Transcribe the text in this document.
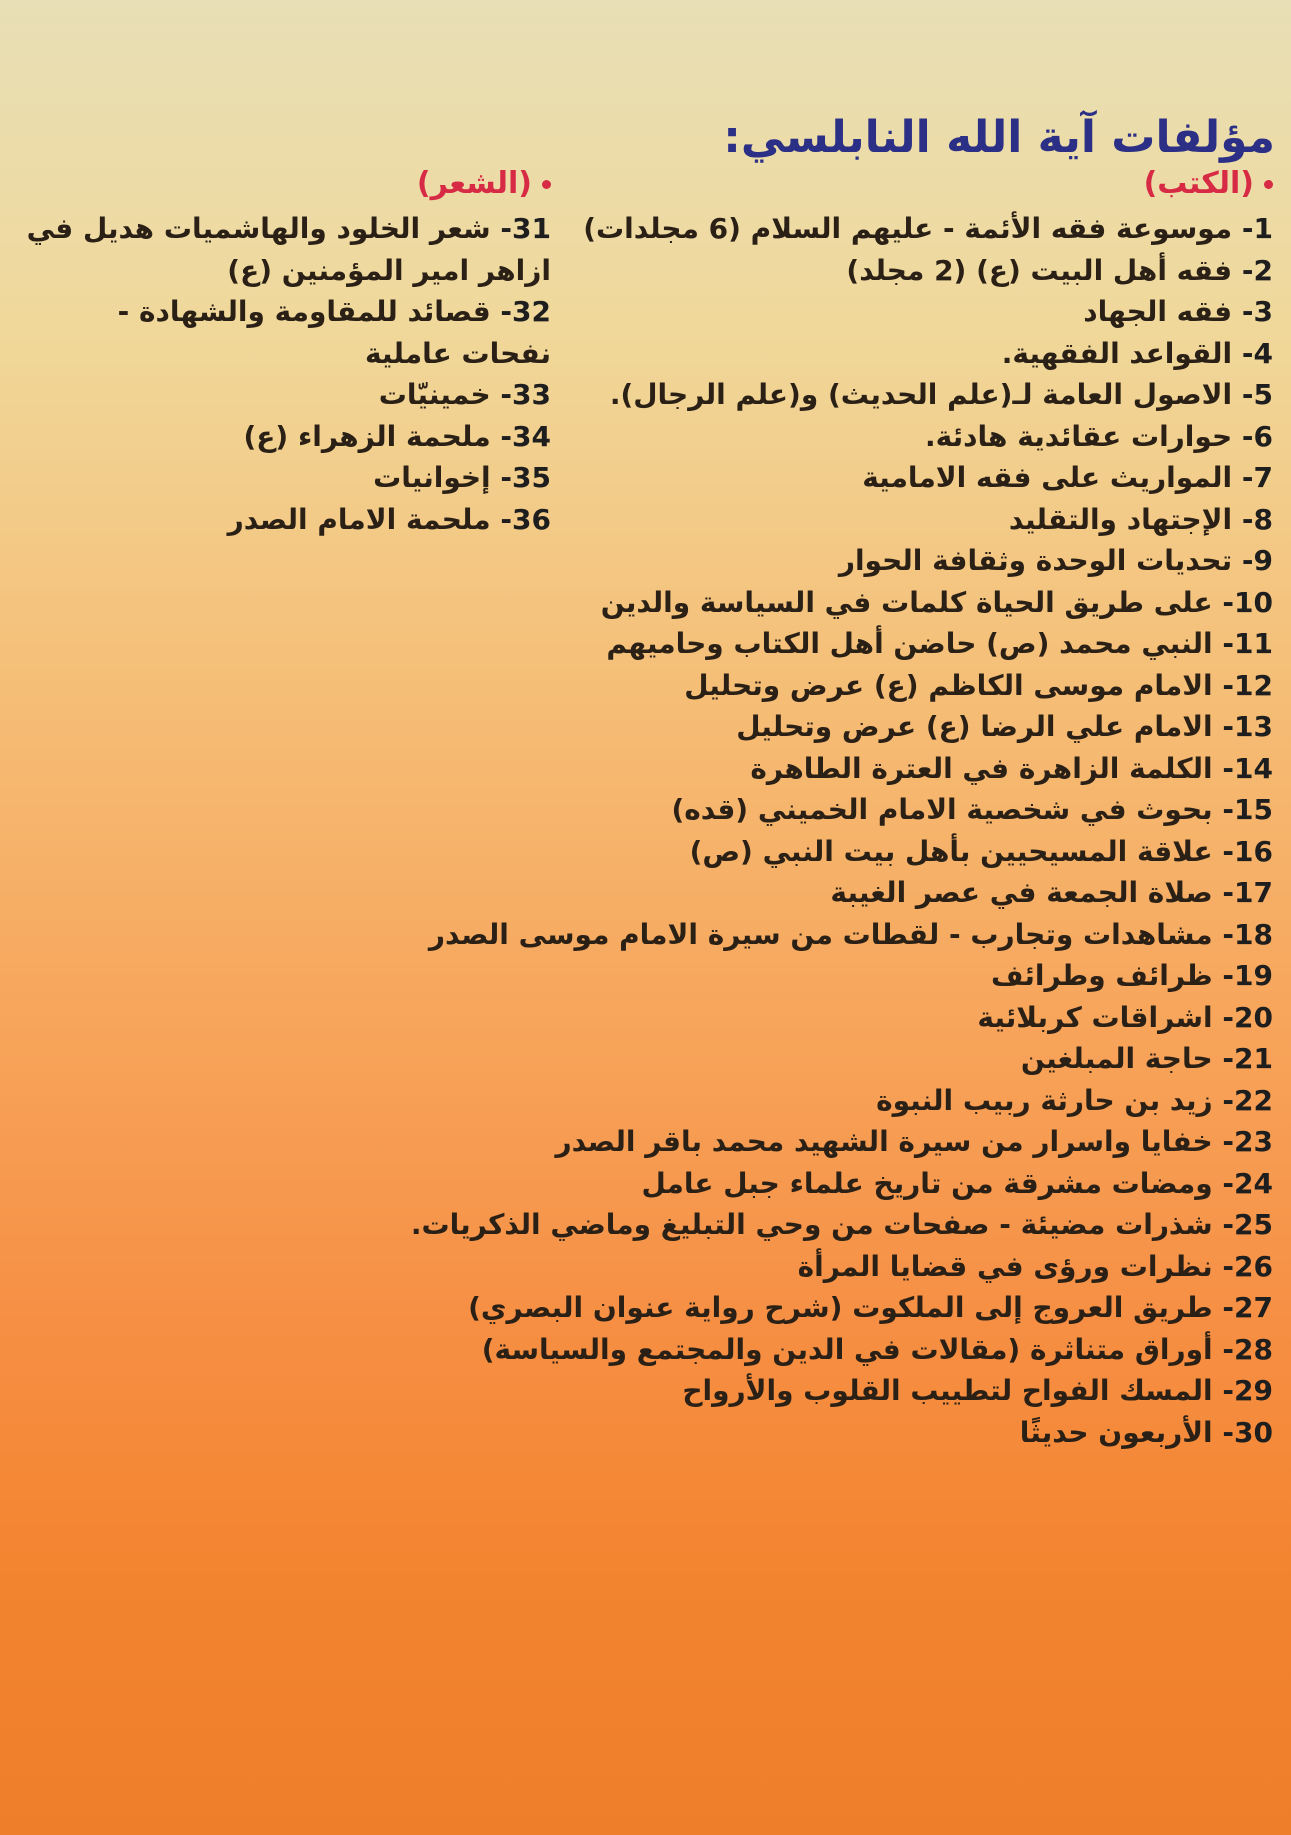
مؤلفات آية الله النابلسي:
(الكتب)
(الشعر)
1- موسوعة فقه الأئمة - عليهم السلام (6 مجلدات)
2- فقه أهل البيت (ع) (2 مجلد)
3- فقه الجهاد
4- القواعد الفقهية.
5- الاصول العامة لـ(علم الحديث) و(علم الرجال).
6- حوارات عقائدية هادئة.
7- المواريث على فقه الامامية
8- الإجتهاد والتقليد
9- تحديات الوحدة وثقافة الحوار
10- على طريق الحياة كلمات في السياسة والدين
11- النبي محمد (ص) حاضن أهل الكتاب وحاميهم
12- الامام موسى الكاظم (ع) عرض وتحليل
13- الامام علي الرضا (ع) عرض وتحليل
14- الكلمة الزاهرة في العترة الطاهرة
15- بحوث في شخصية الامام الخميني (قده)
16- علاقة المسيحيين بأهل بيت النبي (ص)
17- صلاة الجمعة في عصر الغيبة
18- مشاهدات وتجارب - لقطات من سيرة الامام موسى الصدر
19- ظرائف وطرائف
20- اشراقات كربلائية
21- حاجة المبلغين
22- زيد بن حارثة ربيب النبوة
23- خفايا واسرار من سيرة الشهيد محمد باقر الصدر
24- ومضات مشرقة من تاريخ علماء جبل عامل
25- شذرات مضيئة - صفحات من وحي التبليغ وماضي الذكريات.
26- نظرات ورؤى في قضايا المرأة
27- طريق العروج إلى الملكوت (شرح رواية عنوان البصري)
28- أوراق متناثرة (مقالات في الدين والمجتمع والسياسة)
29- المسك الفواح لتطييب القلوب والأرواح
30- الأربعون حديثًا
31- شعر الخلود والهاشميات هديل في ازاهر امير المؤمنين (ع)
32- قصائد للمقاومة والشهادة - نفحات عاملية
33- خمينيّات
34- ملحمة الزهراء (ع)
35- إخوانيات
36- ملحمة الامام الصدر
